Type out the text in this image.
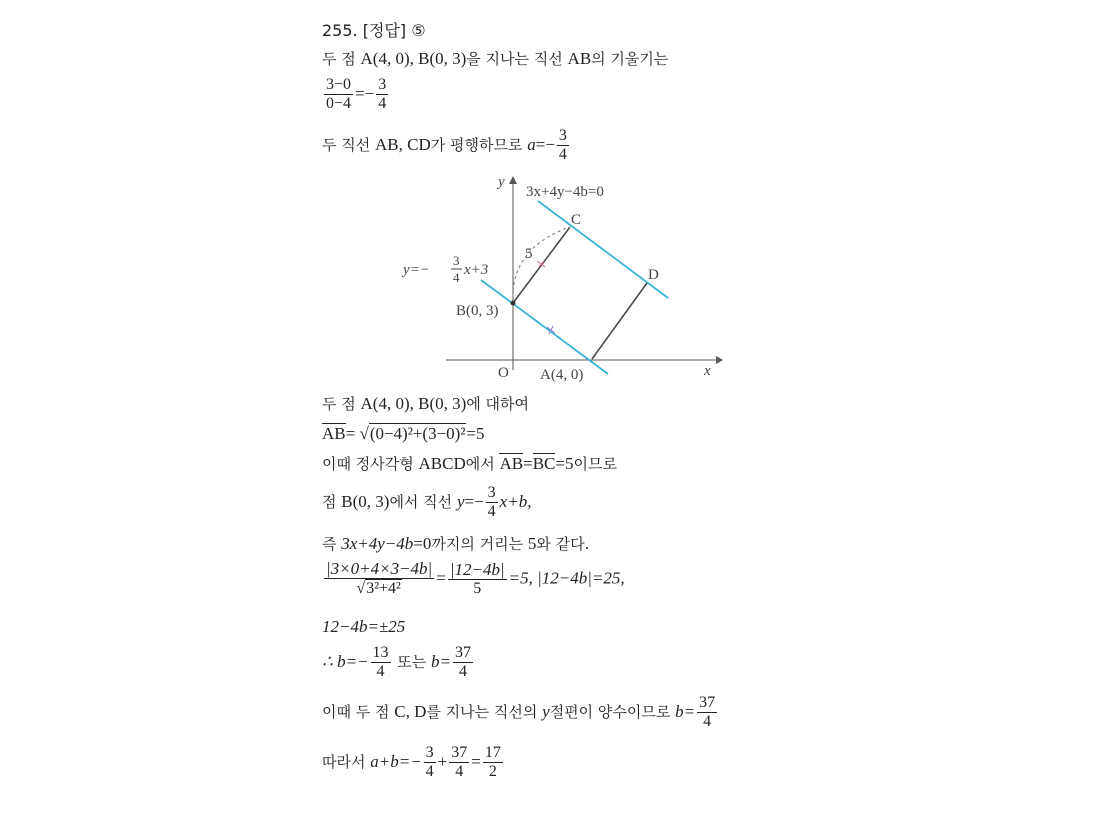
255. [정답] ⑤
두 점 A(4, 0), B(0, 3)을 지나는 직선 AB의 기울기는
$\frac{3-0}{0-4} =- \frac{3}{4}$
두 직선 AB, CD가 평행하므로 $a=- \frac{3}{4}$
두 점 A(4, 0), B(0, 3)에 대하여
AB= √(0−4)²+(3−0)²=5
이때 정사각형 ABCD에서 AB=BC=5이므로
점 B(0, 3)에서 직선 $y=- \frac{3}{4} x+b$,
즉 3x+4y−4b=0까지의 거리는 5와 같다.
$\frac{|3\times 0+4\times 3-4b|}{\text{√3²+4²}} = \frac{|12-4b|}{5} =5$, |12−4b|=25,
12−4b=±25
∴ $b=- \frac{13}{4}$ 또는 $b= \frac{37}{4}$
이때 두 점 C, D를 지나는 직선의 y절편이 양수이므로 $b= \frac{37}{4}$
따라서 $a+b=- \frac{3}{4} + \frac{37}{4} = \frac{17}{2}$
3x+4y−4b=0
y
x
C
D
5
B(0, 3)
A(4, 0)
O
y=−
3
4 x+3
